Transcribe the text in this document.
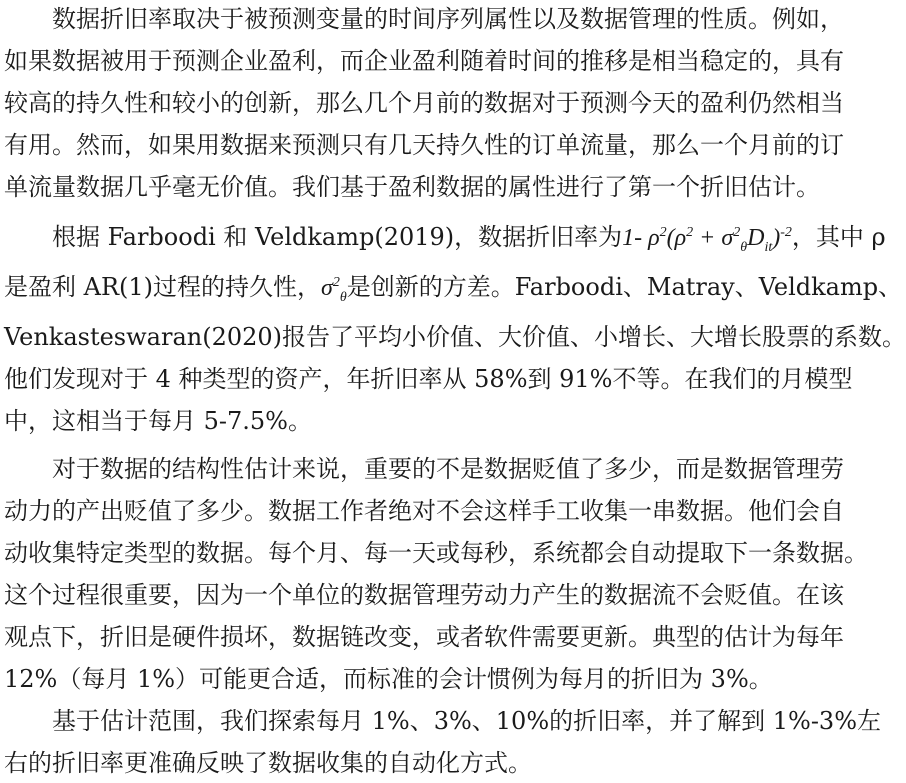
数据折旧率取决于被预测变量的时间序列属性以及数据管理的性质。例如，
如果数据被用于预测企业盈利，而企业盈利随着时间的推移是相当稳定的，具有
较高的持久性和较小的创新，那么几个月前的数据对于预测今天的盈利仍然相当
有用。然而，如果用数据来预测只有几天持久性的订单流量，那么一个月前的订
单流量数据几乎毫无价值。我们基于盈利数据的属性进行了第一个折旧估计。
根据 Farboodi 和 Veldkamp(2019)，数据折旧率为1- $\rho^2(\rho^2 + \sigma^2_\theta D_{it})^{-2}$，其中 ρ
是盈利 AR(1)过程的持久性，$\sigma^2_\theta$是创新的方差。Farboodi、Matray、Veldkamp、
Venkasteswaran(2020)报告了平均小价值、大价值、小增长、大增长股票的系数。
他们发现对于 4 种类型的资产，年折旧率从 58%到 91%不等。在我们的月模型
中，这相当于每月 5-7.5%。
对于数据的结构性估计来说，重要的不是数据贬值了多少，而是数据管理劳
动力的产出贬值了多少。数据工作者绝对不会这样手工收集一串数据。他们会自
动收集特定类型的数据。每个月、每一天或每秒，系统都会自动提取下一条数据。
这个过程很重要，因为一个单位的数据管理劳动力产生的数据流不会贬值。在该
观点下，折旧是硬件损坏，数据链改变，或者软件需要更新。典型的估计为每年
12%（每月 1%）可能更合适，而标准的会计惯例为每月的折旧为 3%。
基于估计范围，我们探索每月 1%、3%、10%的折旧率，并了解到 1%-3%左
右的折旧率更准确反映了数据收集的自动化方式。
